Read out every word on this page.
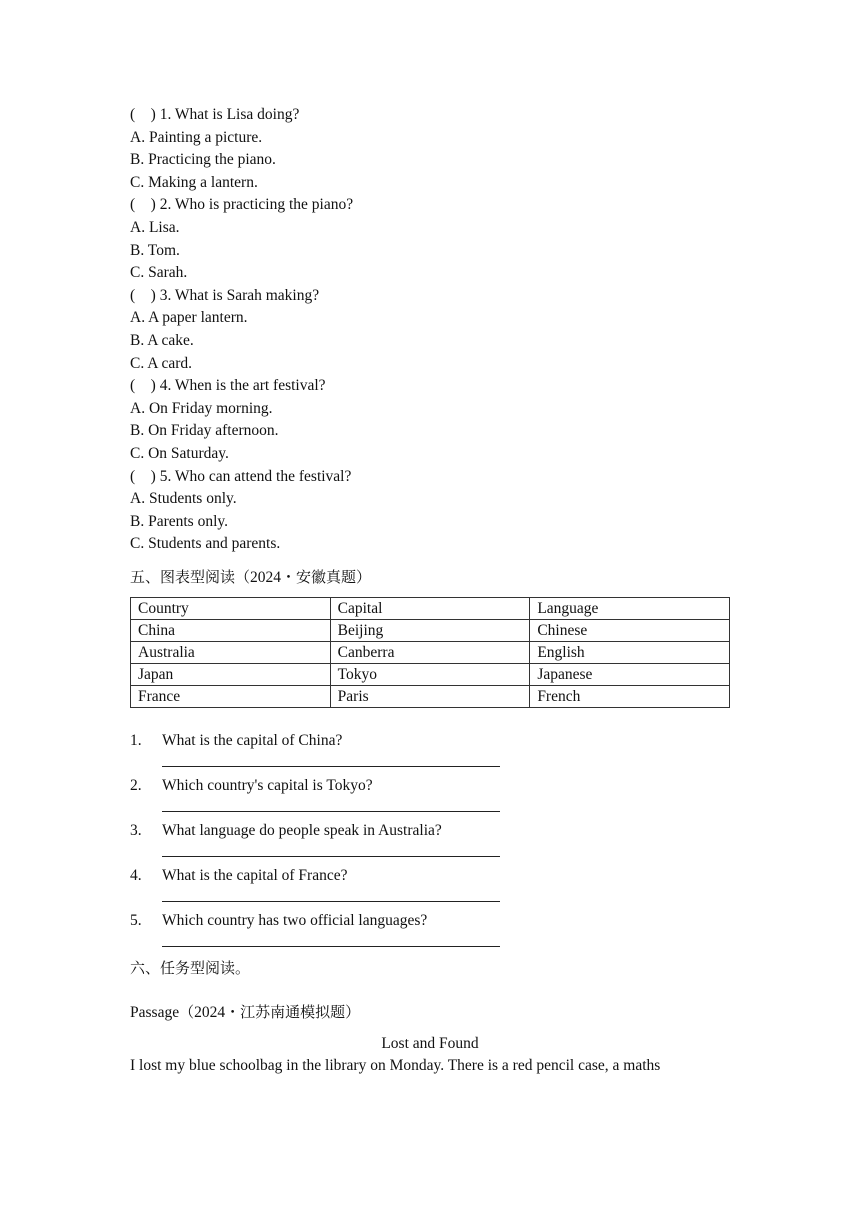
(    ) 1. What is Lisa doing?
A. Painting a picture.
B. Practicing the piano.
C. Making a lantern.
(    ) 2. Who is practicing the piano?
A. Lisa.
B. Tom.
C. Sarah.
(    ) 3. What is Sarah making?
A. A paper lantern.
B. A cake.
C. A card.
(    ) 4. When is the art festival?
A. On Friday morning.
B. On Friday afternoon.
C. On Saturday.
(    ) 5. Who can attend the festival?
A. Students only.
B. Parents only.
C. Students and parents.
五、图表型阅读（2024・安徽真题）
Country	Capital	Language
China	Beijing	Chinese
Australia	Canberra	English
Japan	Tokyo	Japanese
France	Paris	French
1. What is the capital of China?
2. Which country's capital is Tokyo?
3. What language do people speak in Australia?
4. What is the capital of France?
5. Which country has two official languages?
六、任务型阅读。
Passage（2024・江苏南通模拟题）
Lost and Found
I lost my blue schoolbag in the library on Monday. There is a red pencil case, a maths
